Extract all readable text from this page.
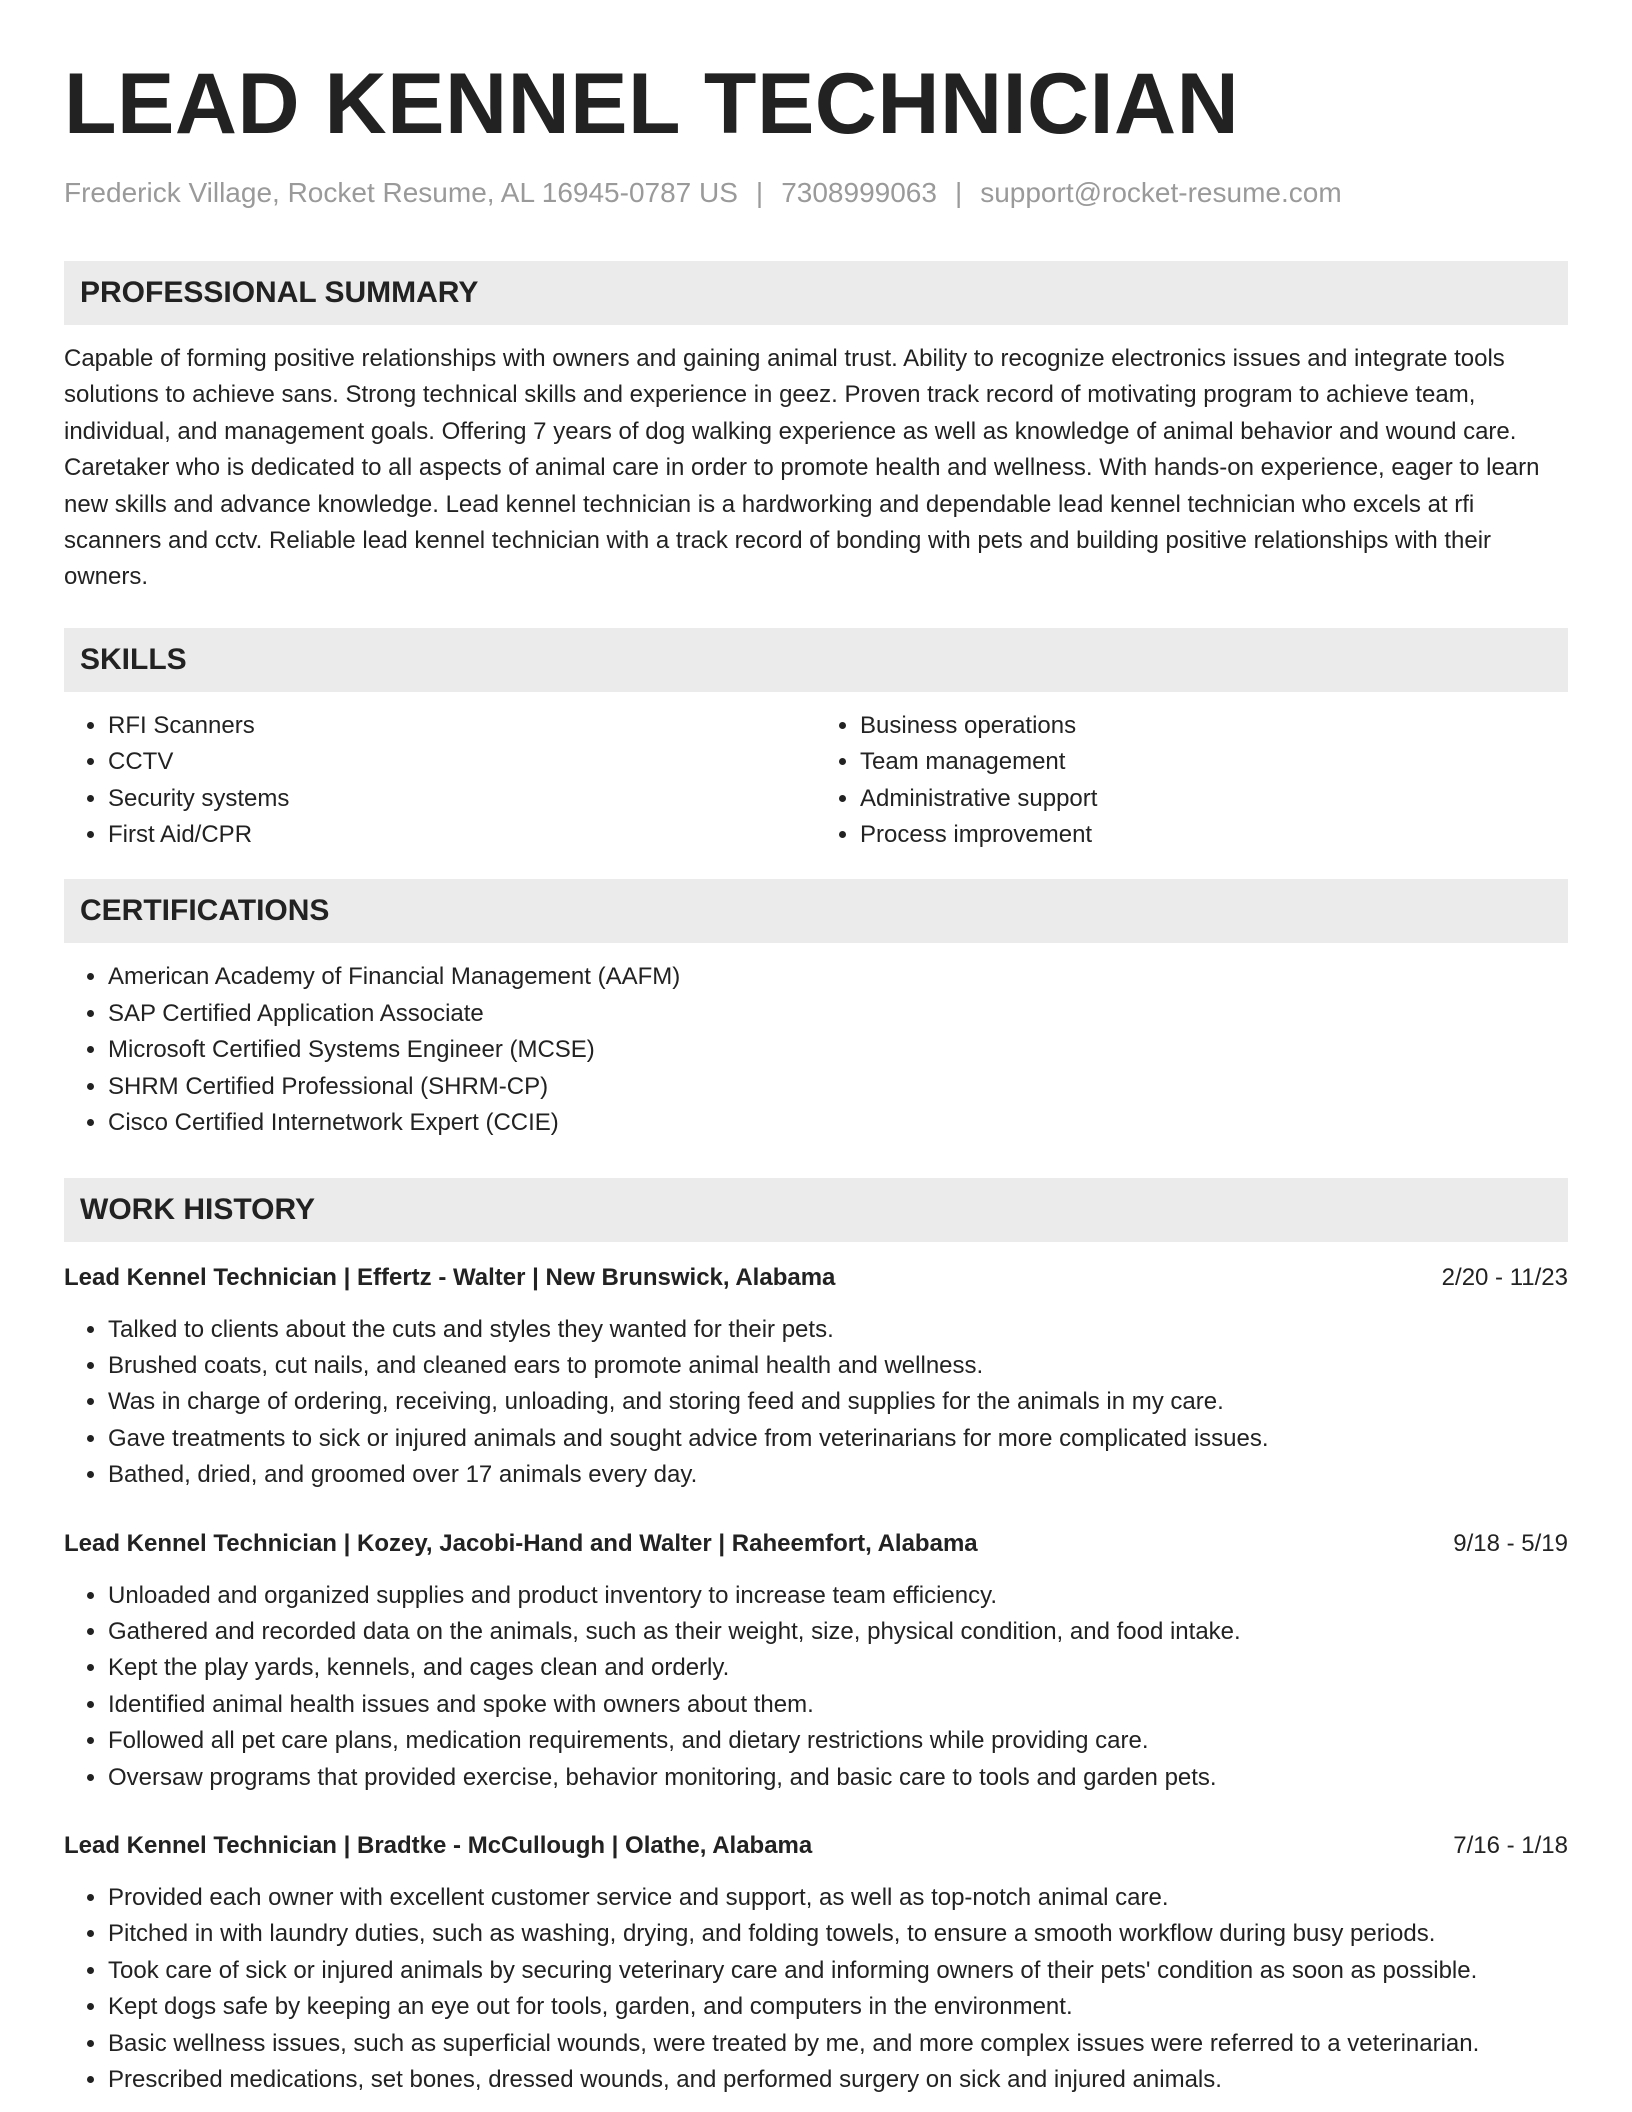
LEAD KENNEL TECHNICIAN
Frederick Village, Rocket Resume, AL 16945-0787 US | 7308999063 | support@rocket-resume.com
PROFESSIONAL SUMMARY
Capable of forming positive relationships with owners and gaining animal trust. Ability to recognize electronics issues and integrate tools solutions to achieve sans. Strong technical skills and experience in geez. Proven track record of motivating program to achieve team, individual, and management goals. Offering 7 years of dog walking experience as well as knowledge of animal behavior and wound care. Caretaker who is dedicated to all aspects of animal care in order to promote health and wellness. With hands-on experience, eager to learn new skills and advance knowledge. Lead kennel technician is a hardworking and dependable lead kennel technician who excels at rfi scanners and cctv. Reliable lead kennel technician with a track record of bonding with pets and building positive relationships with their owners.
SKILLS
• RFI Scanners
• CCTV
• Security systems
• First Aid/CPR
• Business operations
• Team management
• Administrative support
• Process improvement
CERTIFICATIONS
• American Academy of Financial Management (AAFM)
• SAP Certified Application Associate
• Microsoft Certified Systems Engineer (MCSE)
• SHRM Certified Professional (SHRM-CP)
• Cisco Certified Internetwork Expert (CCIE)
WORK HISTORY
Lead Kennel Technician | Effertz - Walter | New Brunswick, Alabama	2/20 - 11/23
• Talked to clients about the cuts and styles they wanted for their pets.
• Brushed coats, cut nails, and cleaned ears to promote animal health and wellness.
• Was in charge of ordering, receiving, unloading, and storing feed and supplies for the animals in my care.
• Gave treatments to sick or injured animals and sought advice from veterinarians for more complicated issues.
• Bathed, dried, and groomed over 17 animals every day.
Lead Kennel Technician | Kozey, Jacobi-Hand and Walter | Raheemfort, Alabama	9/18 - 5/19
• Unloaded and organized supplies and product inventory to increase team efficiency.
• Gathered and recorded data on the animals, such as their weight, size, physical condition, and food intake.
• Kept the play yards, kennels, and cages clean and orderly.
• Identified animal health issues and spoke with owners about them.
• Followed all pet care plans, medication requirements, and dietary restrictions while providing care.
• Oversaw programs that provided exercise, behavior monitoring, and basic care to tools and garden pets.
Lead Kennel Technician | Bradtke - McCullough | Olathe, Alabama	7/16 - 1/18
• Provided each owner with excellent customer service and support, as well as top-notch animal care.
• Pitched in with laundry duties, such as washing, drying, and folding towels, to ensure a smooth workflow during busy periods.
• Took care of sick or injured animals by securing veterinary care and informing owners of their pets' condition as soon as possible.
• Kept dogs safe by keeping an eye out for tools, garden, and computers in the environment.
• Basic wellness issues, such as superficial wounds, were treated by me, and more complex issues were referred to a veterinarian.
• Prescribed medications, set bones, dressed wounds, and performed surgery on sick and injured animals.
